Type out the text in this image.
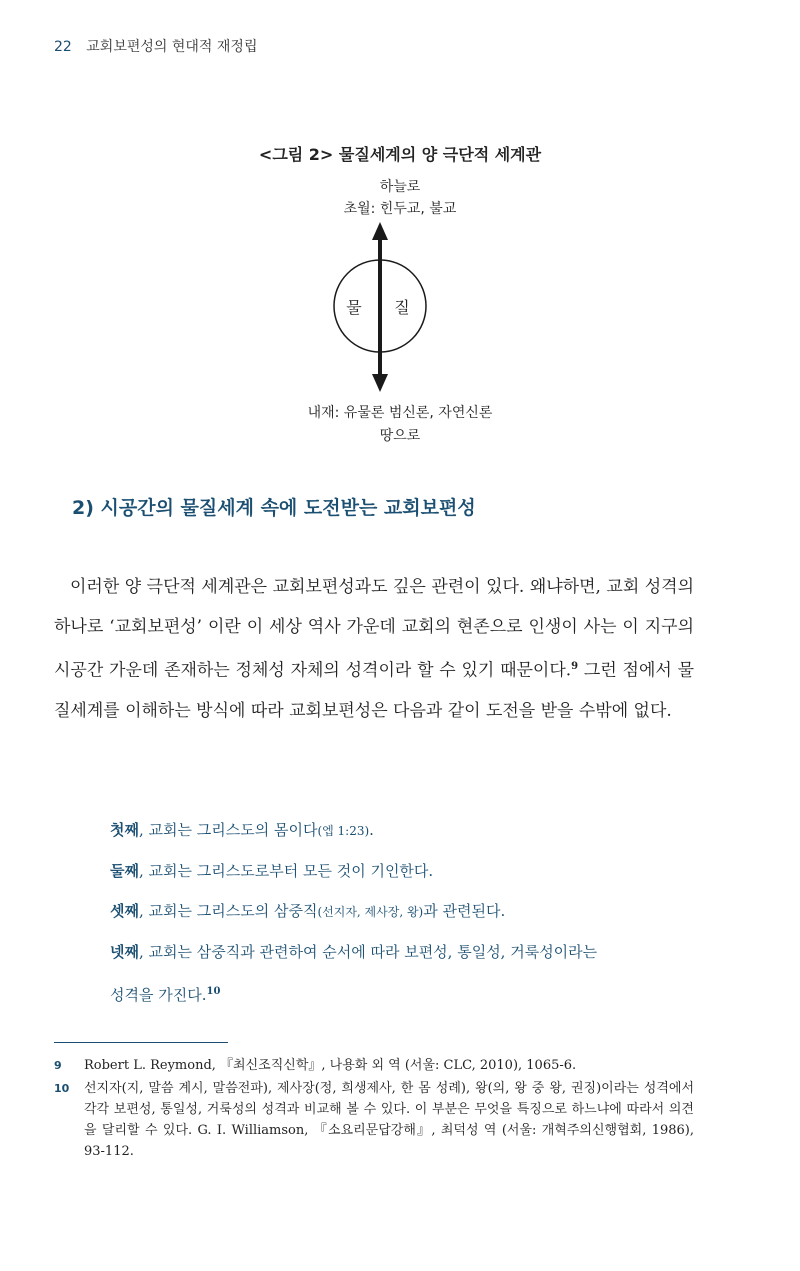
22 교회보편성의 현대적 재정립
<그림 2> 물질세계의 양 극단적 세계관
하늘로
초월: 힌두교, 불교
물 질
내재: 유물론 범신론, 자연신론
땅으로
2) 시공간의 물질세계 속에 도전받는 교회보편성
이러한 양 극단적 세계관은 교회보편성과도 깊은 관련이 있다. 왜냐하면, 교회 성격의 하나로 ‘교회보편성’ 이란 이 세상 역사 가운데 교회의 현존으로 인생이 사는 이 지구의 시공간 가운데 존재하는 정체성 자체의 성격이라 할 수 있기 때문이다.$^9$ 그런 점에서 물질세계를 이해하는 방식에 따라 교회보편성은 다음과 같이 도전을 받을 수밖에 없다.
첫째, 교회는 그리스도의 몸이다(엡 1:23).
둘째, 교회는 그리스도로부터 모든 것이 기인한다.
셋째, 교회는 그리스도의 삼중직(선지자, 제사장, 왕)과 관련된다.
넷째, 교회는 삼중직과 관련하여 순서에 따라 보편성, 통일성, 거룩성이라는
성격을 가진다.$^{10}$
9 Robert L. Reymond, 『최신조직신학』, 나용화 외 역 (서울: CLC, 2010), 1065-6.
10 선지자(지, 말씀 계시, 말씀전파), 제사장(정, 희생제사, 한 몸 성례), 왕(의, 왕 중 왕, 권징)이라는 성격에서 각각 보편성, 통일성, 거룩성의 성격과 비교해 볼 수 있다. 이 부분은 무엇을 특징으로 하느냐에 따라서 의견을 달리할 수 있다. G. I. Williamson, 『소요리문답강해』, 최덕성 역 (서울: 개혁주의신행협회, 1986), 93-112.
